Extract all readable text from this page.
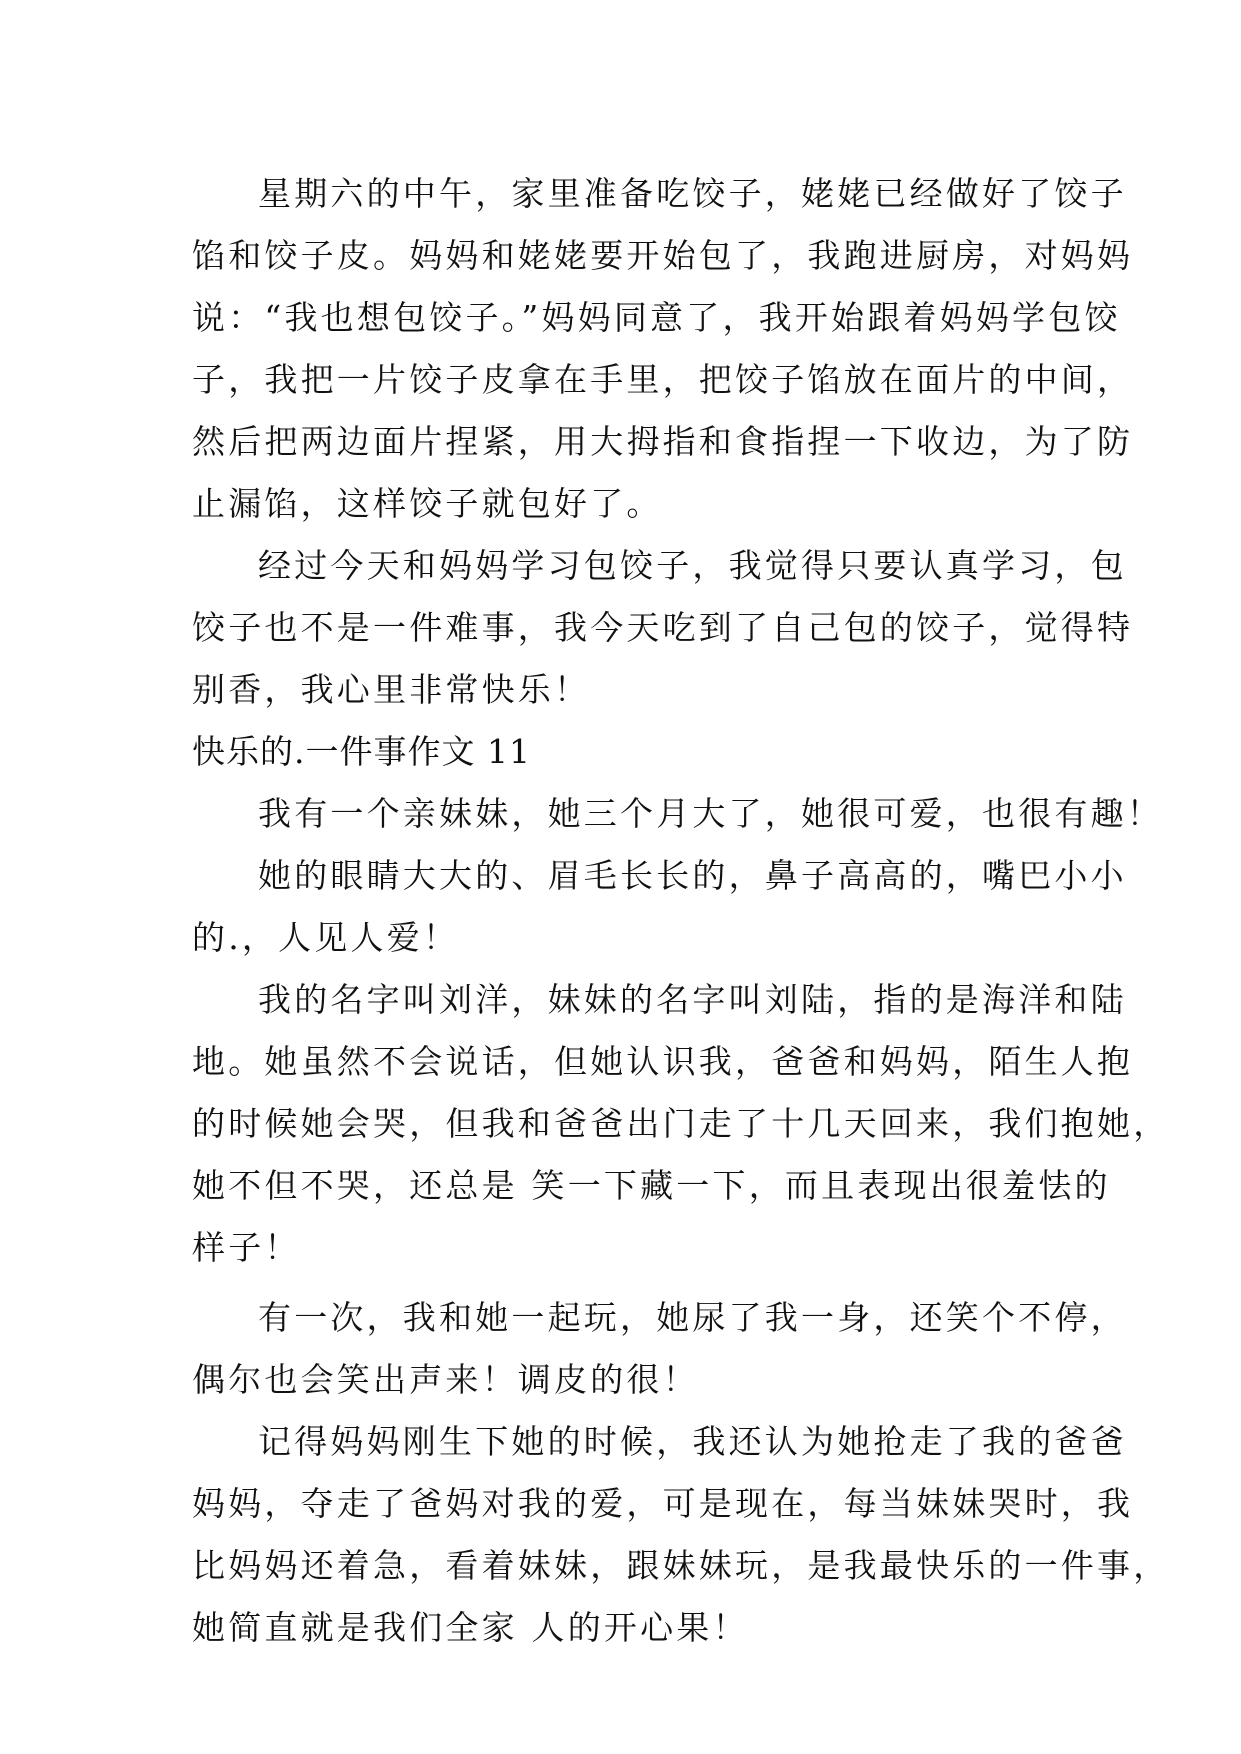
星期六的中午，家里准备吃饺子，姥姥已经做好了饺子
馅和饺子皮。妈妈和姥姥要开始包了，我跑进厨房，对妈妈
说：“我也想包饺子。”妈妈同意了，我开始跟着妈妈学包饺
子，我把一片饺子皮拿在手里，把饺子馅放在面片的中间，
然后把两边面片捏紧，用大拇指和食指捏一下收边，为了防
止漏馅，这样饺子就包好了。
经过今天和妈妈学习包饺子，我觉得只要认真学习，包
饺子也不是一件难事，我今天吃到了自己包的饺子，觉得特
别香，我心里非常快乐！
快乐的.一件事作文 11
我有一个亲妹妹，她三个月大了，她很可爱，也很有趣！
她的眼睛大大的、眉毛长长的，鼻子高高的，嘴巴小小
的.，人见人爱！
我的名字叫刘洋，妹妹的名字叫刘陆，指的是海洋和陆
地。她虽然不会说话，但她认识我，爸爸和妈妈，陌生人抱
的时候她会哭，但我和爸爸出门走了十几天回来，我们抱她，
她不但不哭，还总是 笑一下藏一下，而且表现出很羞怯的
样子！
有一次，我和她一起玩，她尿了我一身，还笑个不停，
偶尔也会笑出声来！调皮的很！
记得妈妈刚生下她的时候，我还认为她抢走了我的爸爸
妈妈，夺走了爸妈对我的爱，可是现在，每当妹妹哭时，我
比妈妈还着急，看着妹妹，跟妹妹玩，是我最快乐的一件事，
她简直就是我们全家 人的开心果！
